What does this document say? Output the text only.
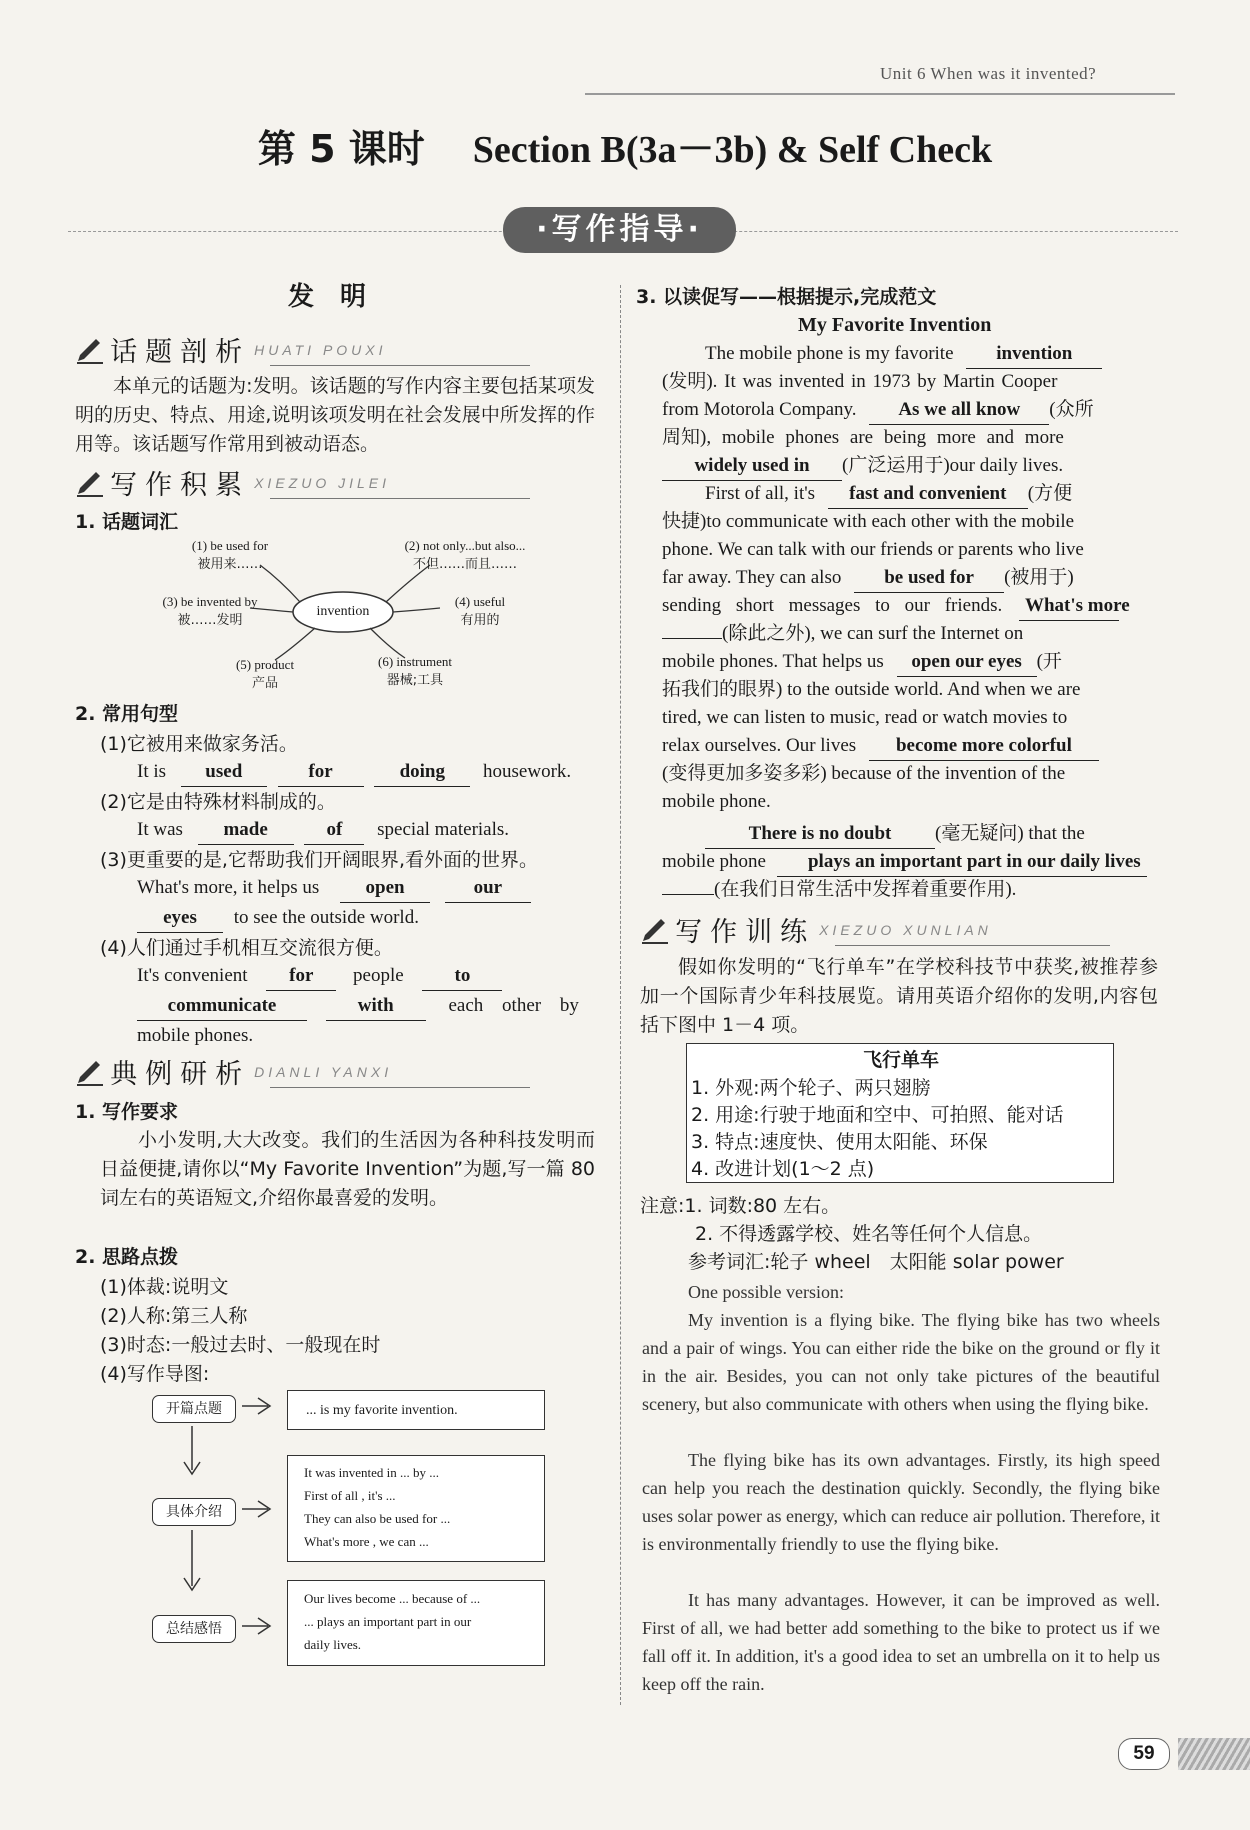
Unit 6 When was it invented?
第 5 课时 Section B(3a－3b) & Self Check
·写作指导·
发　明
话题剖析 HUATI POUXI
本单元的话题为:发明。该话题的写作内容主要包括某项发明的历史、特点、用途,说明该项发明在社会发展中所发挥的作用等。该话题写作常用到被动语态。
写作积累 XIEZUO JILEI
1. 话题词汇
invention
(1) be used for
被用来……
(2) not only...but also...
不但……而且……
(3) be invented by
被……发明
(4) useful
有用的
(5) product
产品
(6) instrument
器械;工具
2. 常用句型
(1)它被用来做家务活。
It is used	for	doing housework.
(2)它是由特殊材料制成的。
It was made	of special materials.
(3)更重要的是,它帮助我们开阔眼界,看外面的世界。
What's more, it helps us open	our
eyes to see the outside world.
(4)人们通过手机相互交流很方便。
It's convenient for people	to
communicate	with	each other by
mobile phones.
典例研析 DIANLI YANXI
1. 写作要求
小小发明,大大改变。我们的生活因为各种科技发明而日益便捷,请你以“My Favorite Invention”为题,写一篇 80 词左右的英语短文,介绍你最喜爱的发明。
2. 思路点拨
(1)体裁:说明文
(2)人称:第三人称
(3)时态:一般过去时、一般现在时
(4)写作导图:
开篇点题
具体介绍
总结感悟
... is my favorite invention.
It was invented in ... by ...
First of all , it's ...
They can also be used for ...
What's more , we can ...
Our lives become ... because of ...
... plays an important part in our
daily lives.
3. 以读促写——根据提示,完成范文
My Favorite Invention
The mobile phone is my favorite invention
(发明). It was invented in 1973 by Martin Cooper
from Motorola Company. As we all know (众所
周知), mobile phones are being more and more
widely used in (广泛运用于)our daily lives.
First of all, it's fast and convenient (方便
快捷)to communicate with each other with the mobile
phone. We can talk with our friends or parents who live
far away. They can also be used for (被用于)
sending short messages to our friends. What's more
(除此之外), we can surf the Internet on
mobile phones. That helps us open our eyes (开
拓我们的眼界) to the outside world. And when we are
tired, we can listen to music, read or watch movies to
relax ourselves. Our lives become more colorful
(变得更加多姿多彩) because of the invention of the
mobile phone.
There is no doubt (毫无疑问) that the
mobile phone plays an important part in our daily lives
(在我们日常生活中发挥着重要作用).
写作训练 XIEZUO XUNLIAN
假如你发明的“飞行单车”在学校科技节中获奖,被推荐参加一个国际青少年科技展览。请用英语介绍你的发明,内容包括下图中 1－4 项。
飞行单车
1. 外观:两个轮子、两只翅膀
2. 用途:行驶于地面和空中、可拍照、能对话
3. 特点:速度快、使用太阳能、环保
4. 改进计划(1～2 点)
注意:1. 词数:80 左右。
2. 不得透露学校、姓名等任何个人信息。
参考词汇:轮子 wheel　太阳能 solar power
One possible version:
My invention is a flying bike. The flying bike has two wheels and a pair of wings. You can either ride the bike on the ground or fly it in the air. Besides, you can not only take pictures of the beautiful scenery, but also communicate with others when using the flying bike.
The flying bike has its own advantages. Firstly, its high speed can help you reach the destination quickly. Secondly, the flying bike uses solar power as energy, which can reduce air pollution. Therefore, it is environmentally friendly to use the flying bike.
It has many advantages. However, it can be improved as well. First of all, we had better add something to the bike to protect us if we fall off it. In addition, it's a good idea to set an umbrella on it to help us keep off the rain.
59
